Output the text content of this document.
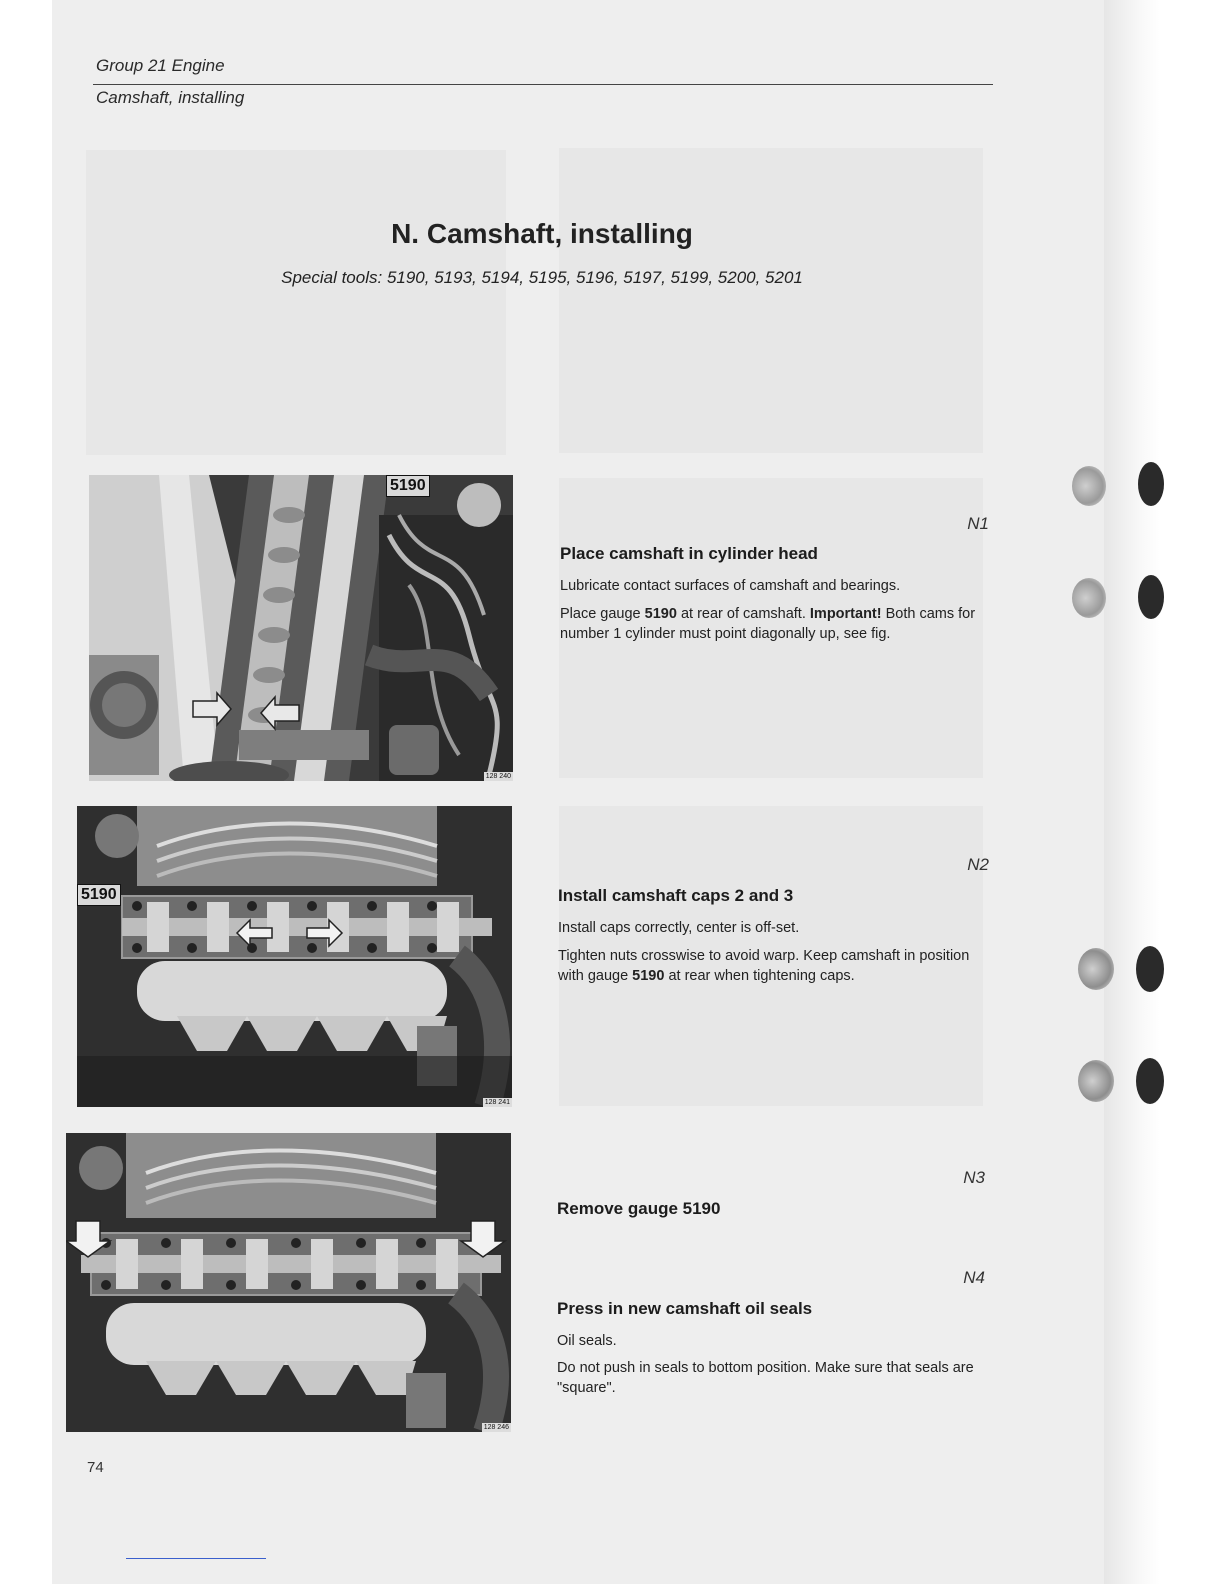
Group 21 Engine
Camshaft, installing
N. Camshaft, installing
Special tools: 5190, 5193, 5194, 5195, 5196, 5197, 5199, 5200, 5201
5190
128 240
5190
128 241
128 246
N1
Place camshaft in cylinder head
Lubricate contact surfaces of camshaft and bearings.
Place gauge 5190 at rear of camshaft. Important! Both cams for number 1 cylinder must point diagonally up, see fig.
N2
Install camshaft caps 2 and 3
Install caps correctly, center is off-set.
Tighten nuts crosswise to avoid warp. Keep camshaft in position with gauge 5190 at rear when tightening caps.
N3
Remove gauge 5190
N4
Press in new camshaft oil seals
Oil seals.
Do not push in seals to bottom position. Make sure that seals are "square".
74
